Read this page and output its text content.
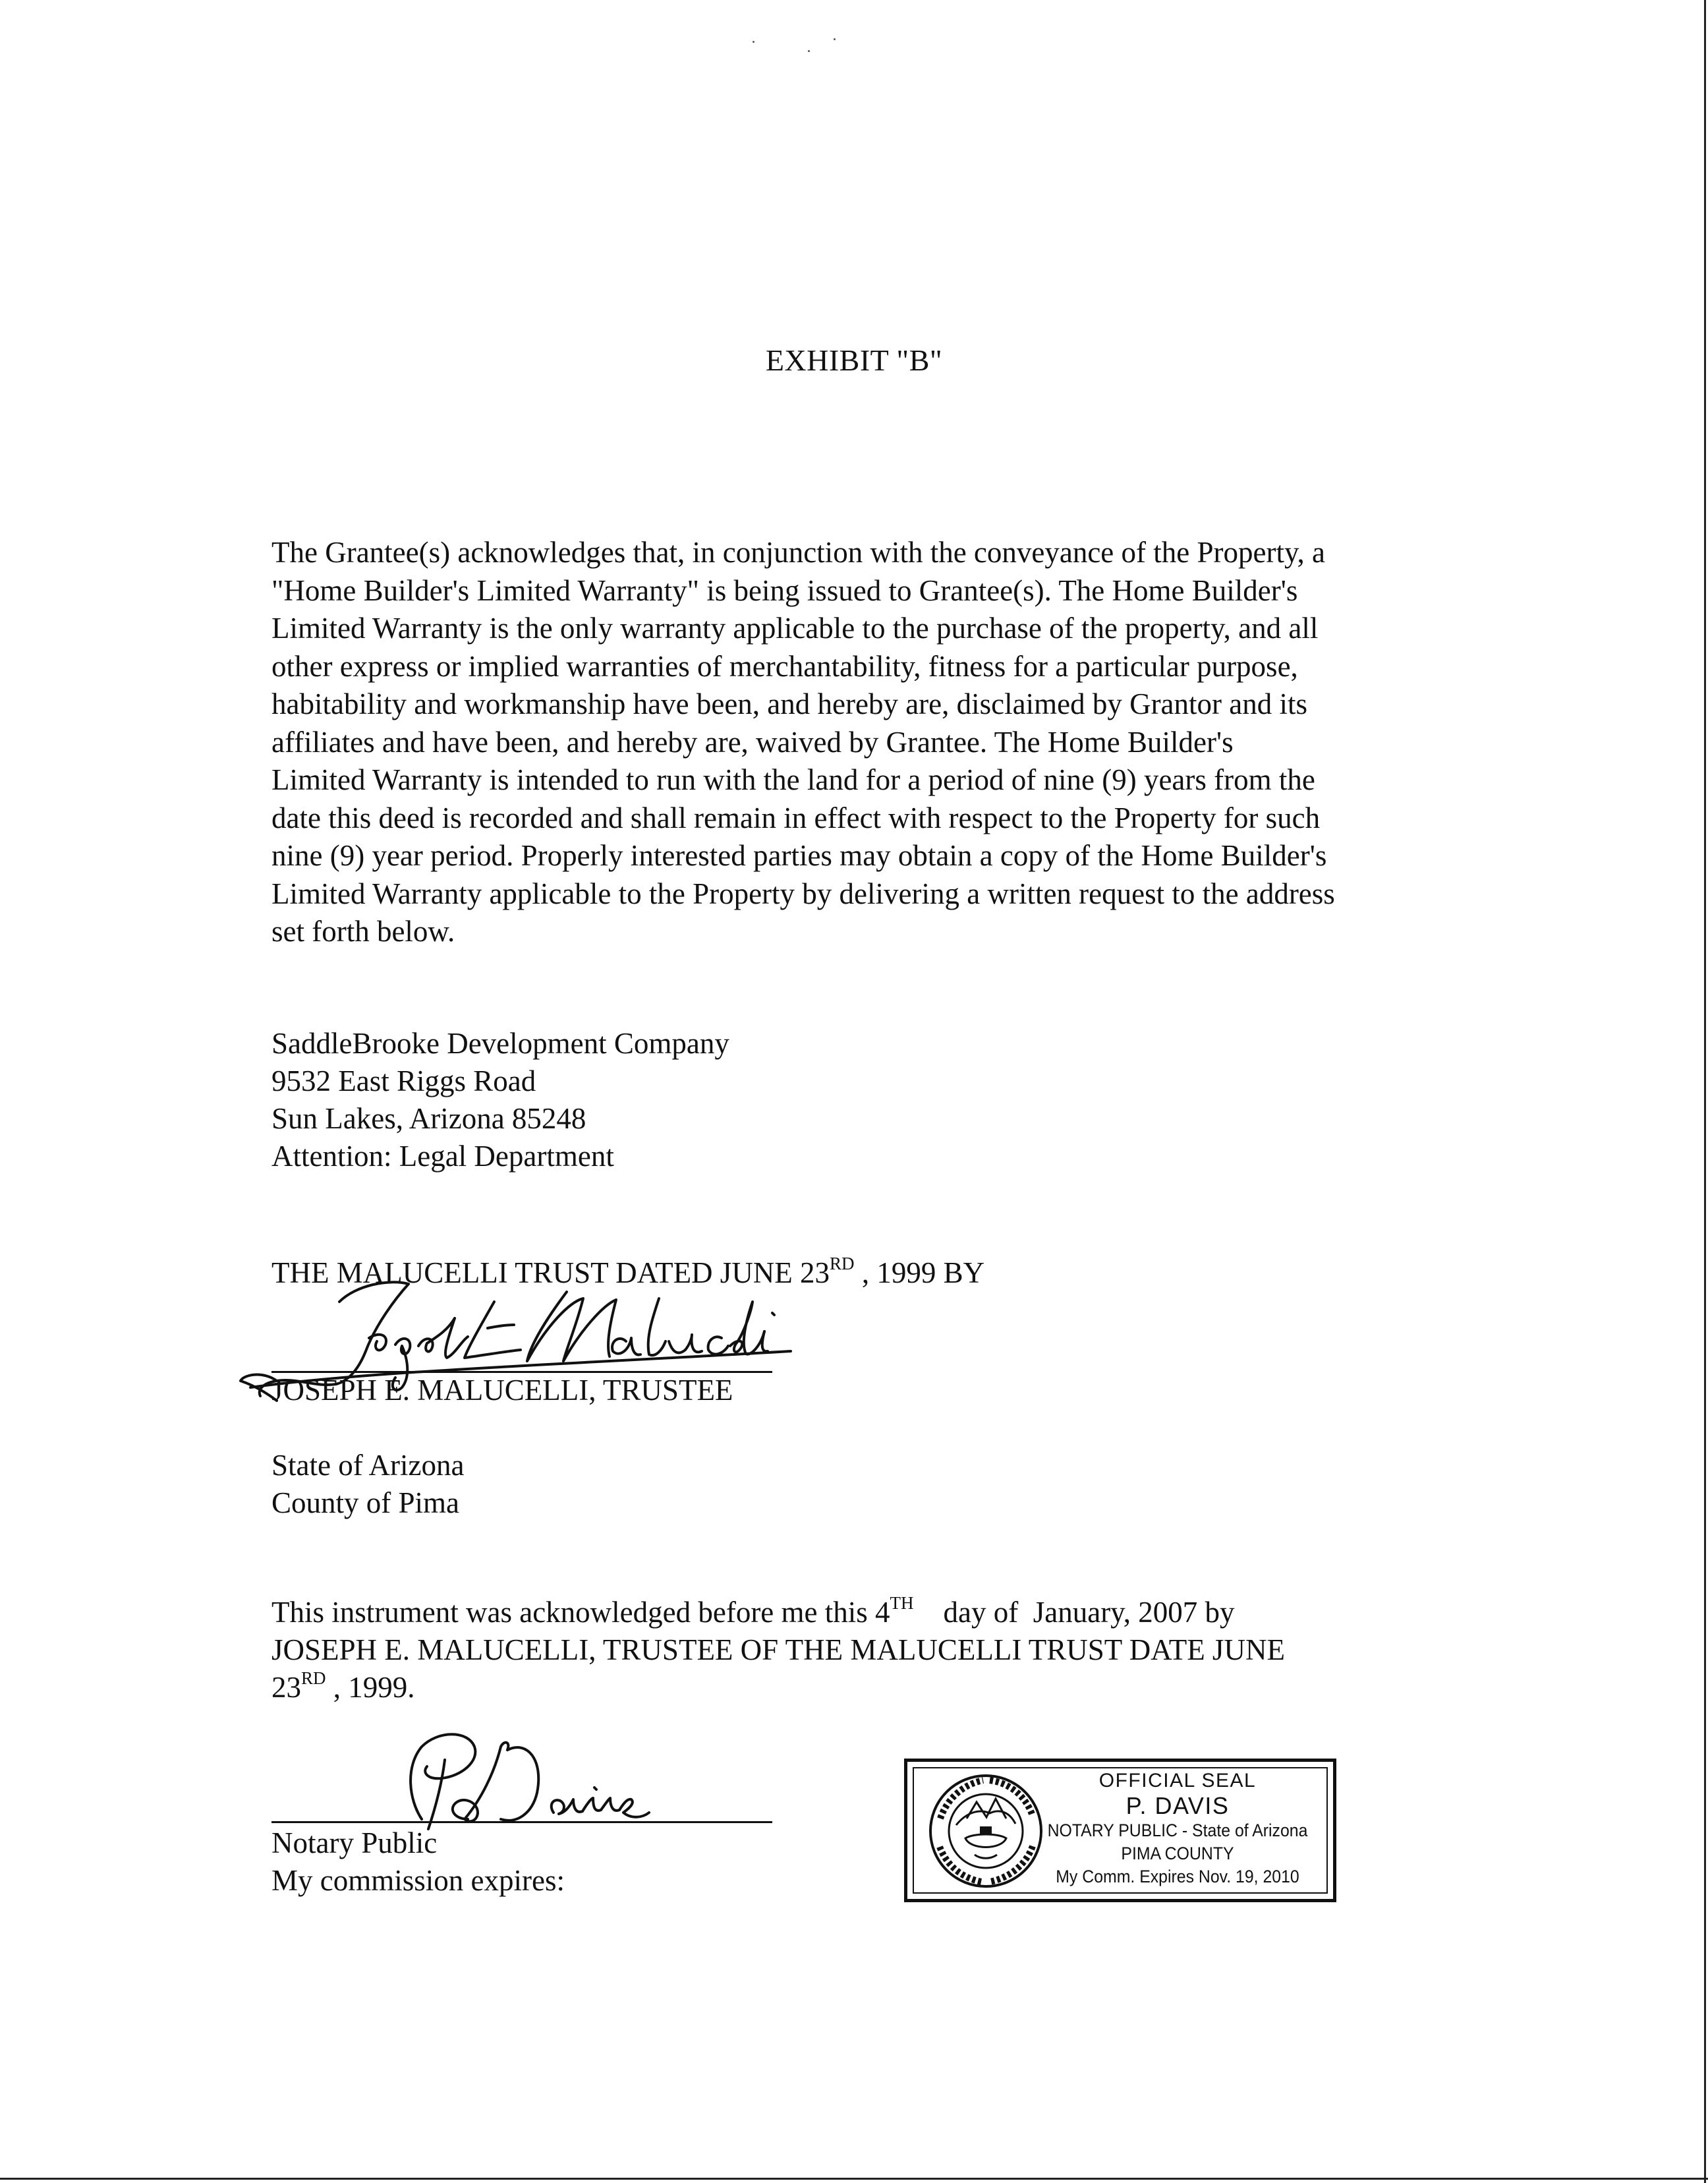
EXHIBIT "B"
The Grantee(s) acknowledges that, in conjunction with the conveyance of the Property, a
"Home Builder's Limited Warranty" is being issued to Grantee(s). The Home Builder's
Limited Warranty is the only warranty applicable to the purchase of the property, and all
other express or implied warranties of merchantability, fitness for a particular purpose,
habitability and workmanship have been, and hereby are, disclaimed by Grantor and its
affiliates and have been, and hereby are, waived by Grantee. The Home Builder's
Limited Warranty is intended to run with the land for a period of nine (9) years from the
date this deed is recorded and shall remain in effect with respect to the Property for such
nine (9) year period. Properly interested parties may obtain a copy of the Home Builder's
Limited Warranty applicable to the Property by delivering a written request to the address
set forth below.
SaddleBrooke Development Company
9532 East Riggs Road
Sun Lakes, Arizona 85248
Attention: Legal Department
THE MALUCELLI TRUST DATED JUNE 23RD , 1999 BY
JOSEPH E. MALUCELLI, TRUSTEE
State of Arizona
County of Pima
This instrument was acknowledged before me this 4TH    day of  January, 2007 by
JOSEPH E. MALUCELLI, TRUSTEE OF THE MALUCELLI TRUST DATE JUNE
23RD , 1999.
Notary Public
My commission expires:
OFFICIAL SEAL
P. DAVIS
NOTARY PUBLIC - State of Arizona
PIMA COUNTY
My Comm. Expires Nov. 19, 2010
